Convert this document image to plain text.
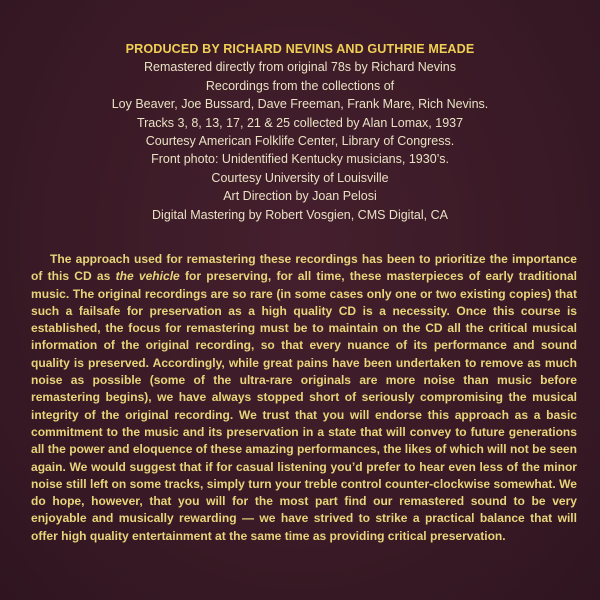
PRODUCED BY RICHARD NEVINS AND GUTHRIE MEADE
Remastered directly from original 78s by Richard Nevins
Recordings from the collections of
Loy Beaver, Joe Bussard, Dave Freeman, Frank Mare, Rich Nevins.
Tracks 3, 8, 13, 17, 21 & 25 collected by Alan Lomax, 1937
Courtesy American Folklife Center, Library of Congress.
Front photo: Unidentified Kentucky musicians, 1930’s.
Courtesy University of Louisville
Art Direction by Joan Pelosi
Digital Mastering by Robert Vosgien, CMS Digital, CA

The approach used for remastering these recordings has been to prioritize the importance of this CD as the vehicle for preserving, for all time, these masterpieces of early traditional music. The original recordings are so rare (in some cases only one or two existing copies) that such a failsafe for preservation as a high quality CD is a necessity. Once this course is established, the focus for remastering must be to maintain on the CD all the critical musical information of the original recording, so that every nuance of its performance and sound quality is preserved. Accordingly, while great pains have been undertaken to remove as much noise as possible (some of the ultra-rare originals are more noise than music before remastering begins), we have always stopped short of seriously compromising the musical integrity of the original recording. We trust that you will endorse this approach as a basic commitment to the music and its preservation in a state that will convey to future generations all the power and eloquence of these amazing performances, the likes of which will not be seen again. We would suggest that if for casual listening you’d prefer to hear even less of the minor noise still left on some tracks, simply turn your treble control counter-clockwise somewhat. We do hope, however, that you will for the most part find our remastered sound to be very enjoyable and musically rewarding — we have strived to strike a practical balance that will offer high quality entertainment at the same time as providing critical preservation.
